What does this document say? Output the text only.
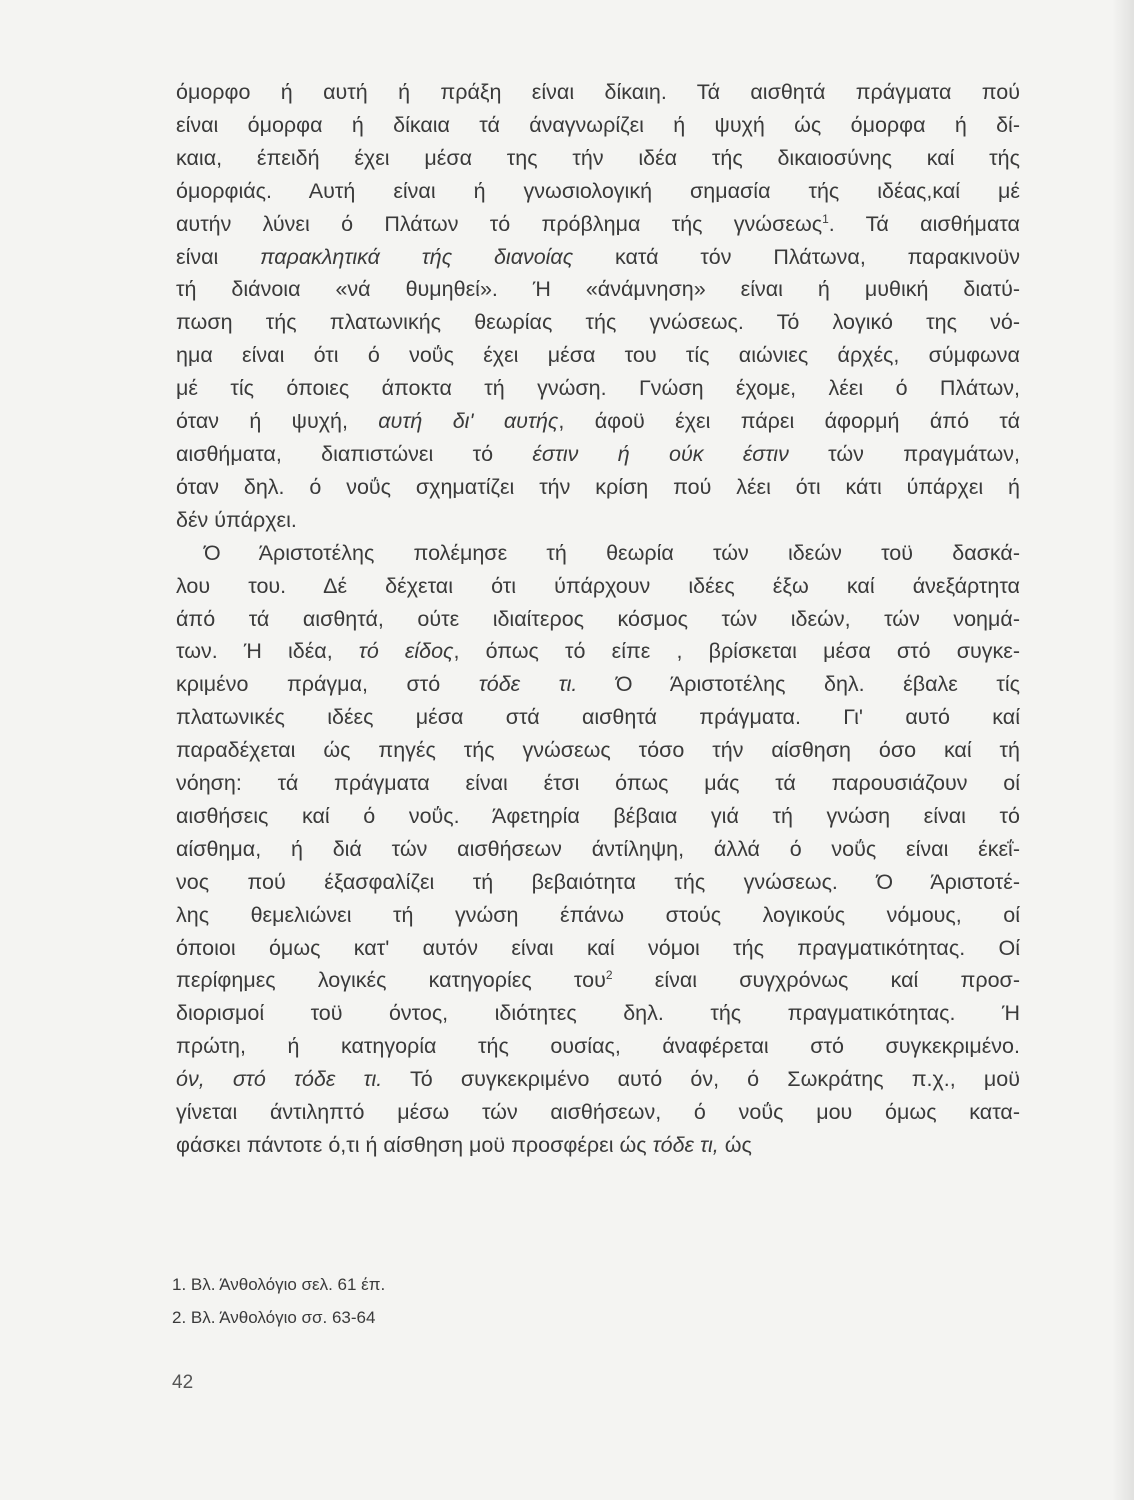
όμορφο ή αυτή ή πράξη είναι δίκαιη. Τά αισθητά πράγματα πού
είναι όμορφα ή δίκαια τά άναγνωρίζει ή ψυχή ώς όμορφα ή δί-
καια, έπειδή έχει μέσα της τήν ιδέα τής δικαιοσύνης καί τής
όμορφιάς. Αυτή είναι ή γνωσιολογική σημασία τής ιδέας,καί μέ
αυτήν λύνει ό Πλάτων τό πρόβλημα τής γνώσεως$^1$. Τά αισθήματα
είναι παρακλητικά τής διανοίας κατά τόν Πλάτωνα, παρακινοϋν
τή διάνοια «νά θυμηθεί». Ή «άνάμνηση» είναι ή μυθική διατύ-
πωση τής πλατωνικής θεωρίας τής γνώσεως. Τό λογικό της νό-
ημα είναι ότι ό νοΰς έχει μέσα του τίς αιώνιες άρχές, σύμφωνα
μέ τίς όποιες άποκτα τή γνώση. Γνώση έχομε, λέει ό Πλάτων,
όταν ή ψυχή, αυτή δι' αυτής, άφοϋ έχει πάρει άφορμή άπό τά
αισθήματα, διαπιστώνει τό έστιν ή ούκ έστιν τών πραγμάτων,
όταν δηλ. ό νοΰς σχηματίζει τήν κρίση πού λέει ότι κάτι ύπάρχει ή
δέν ύπάρχει.
Ό Άριστοτέλης πολέμησε τή θεωρία τών ιδεών τοϋ δασκά-
λου του. Δέ δέχεται ότι ύπάρχουν ιδέες έξω καί άνεξάρτητα
άπό τά αισθητά, ούτε ιδιαίτερος κόσμος τών ιδεών, τών νοημά-
των. Ή ιδέα, τό είδος, όπως τό είπε , βρίσκεται μέσα στό συγκε-
κριμένο πράγμα, στό τόδε τι. Ό Άριστοτέλης δηλ. έβαλε τίς
πλατωνικές ιδέες μέσα στά αισθητά πράγματα. Γι' αυτό καί
παραδέχεται ώς πηγές τής γνώσεως τόσο τήν αίσθηση όσο καί τή
νόηση: τά πράγματα είναι έτσι όπως μάς τά παρουσιάζουν οί
αισθήσεις καί ό νοΰς. Άφετηρία βέβαια γιά τή γνώση είναι τό
αίσθημα, ή διά τών αισθήσεων άντίληψη, άλλά ό νοΰς είναι έκεΐ-
νος πού έξασφαλίζει τή βεβαιότητα τής γνώσεως. Ό Άριστοτέ-
λης θεμελιώνει τή γνώση έπάνω στούς λογικούς νόμους, οί
όποιοι όμως κατ' αυτόν είναι καί νόμοι τής πραγματικότητας. Οί
περίφημες λογικές κατηγορίες του$^2$ είναι συγχρόνως καί προσ-
διορισμοί τοϋ όντος, ιδιότητες δηλ. τής πραγματικότητας. Ή
πρώτη, ή κατηγορία τής ουσίας, άναφέρεται στό συγκεκριμένο.
όν, στό τόδε τι. Τό συγκεκριμένο αυτό όν, ό Σωκράτης π.χ., μοϋ
γίνεται άντιληπτό μέσω τών αισθήσεων, ό νοΰς μου όμως κατα-
φάσκει πάντοτε ό,τι ή αίσθηση μοϋ προσφέρει ώς τόδε τι, ώς
1. Βλ. Άνθολόγιο σελ. 61 έπ.
2. Βλ. Άνθολόγιο σσ. 63-64
42
